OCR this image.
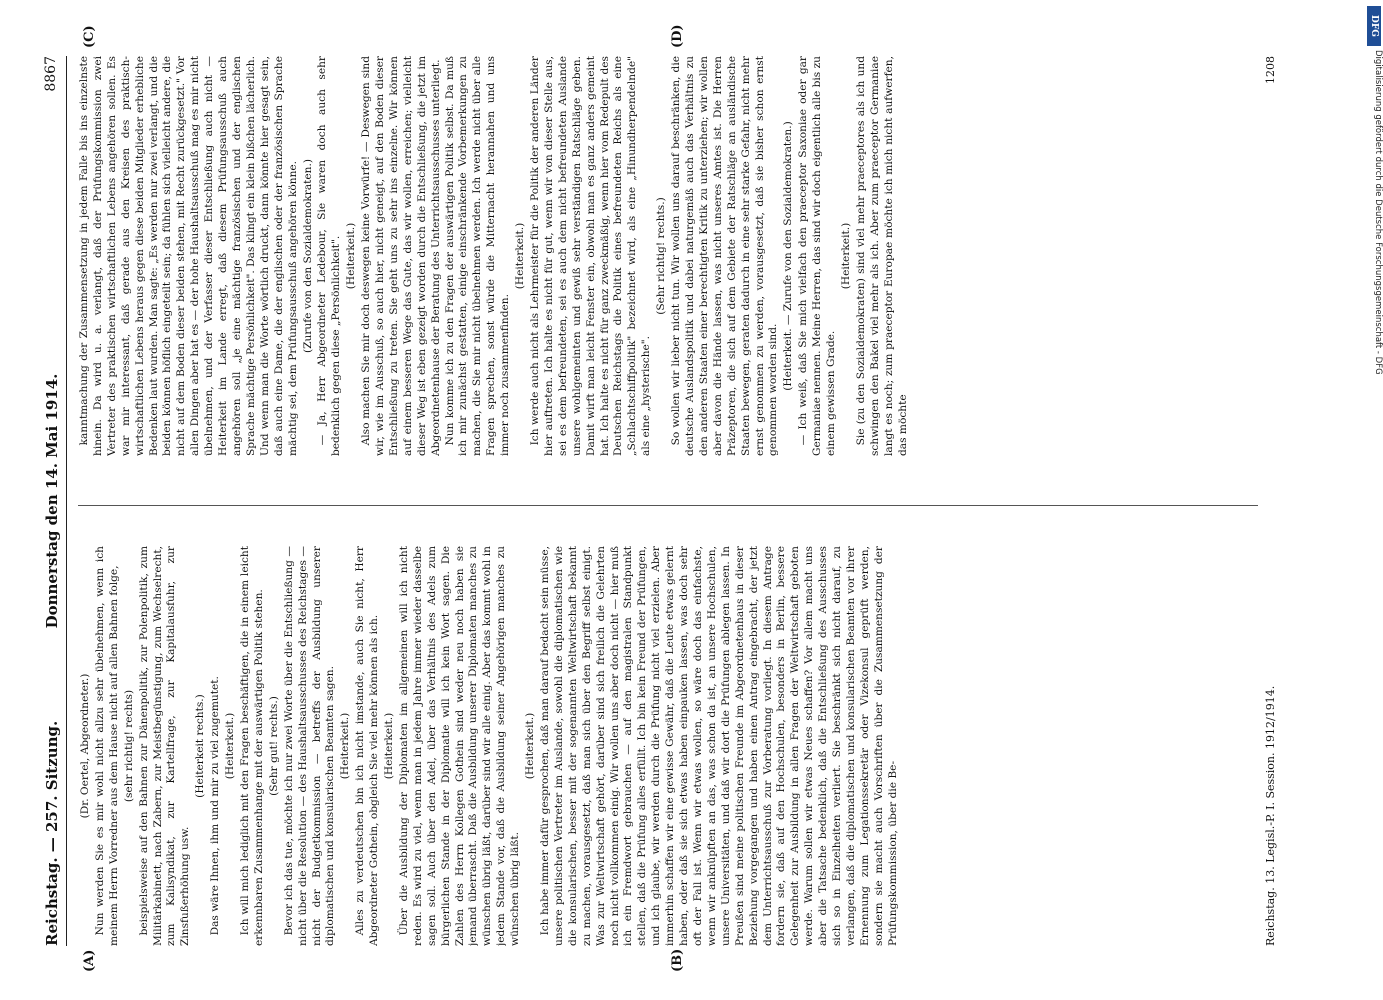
Reichstag. — 257. Sitzung.
Donnerstag den 14. Mai 1914.
8867
(A)	(B)
(C)	(D)

(Dr. Oertel, Abgeordneter.) Nun werden Sie es mir wohl nicht allzu sehr übelnehmen, wenn ich meinem Herrn Vorredner aus dem Hause nicht auf allen Bahnen folge, (sehr richtig! rechts) beispielsweise auf den Bahnen zur Dänenpolitik, zur Polenpolitik, zum Militärkabinett, nach Zabern, zur Meistbegünstigung, zum Wechselrecht, zum Kalisyndikat, zur Kartellfrage, zur Kapitalausfuhr, zur Zinsfußerhöhung usw.

(Heiterkeit rechts.) Das wäre Ihnen, ihm und mir zu viel zugemutet. (Heiterkeit.) Ich will mich lediglich mit den Fragen beschäftigen, die in einem leicht erkennbaren Zusammenhange mit der auswärtigen Politik stehen. (Sehr gut! rechts.) Bevor ich das tue, möchte ich nur zwei Worte über die Entschließung — nicht über die Resolution — des Haushaltsausschusses des Reichstages — nicht der Budgetkommission — betreffs der Ausbildung unserer diplomatischen und konsularischen Beamten sagen. (Heiterkeit.) Alles zu verdeutschen bin ich nicht imstande, auch Sie nicht, Herr Abgeordneter Gothein, obgleich Sie viel mehr können als ich. (Heiterkeit.) Über die Ausbildung der Diplomaten im allgemeinen will ich nicht reden. Es wird zu viel, wenn man in jedem Jahre immer wieder dasselbe sagen soll. Auch über den Adel, über das Verhältnis des Adels zum bürgerlichen Stande in der Diplomatie will ich kein Wort sagen. Die Zahlen des Herrn Kollegen Gothein sind weder neu noch haben sie jemand überrascht. Daß die Ausbildung unserer Diplomaten manches zu wünschen übrig läßt, darüber sind wir alle einig. Aber das kommt wohl in jedem Stande vor, daß die Ausbildung seiner Angehörigen manches zu wünschen übrig läßt.

(Heiterkeit.) Ich habe immer dafür gesprochen, daß man darauf bedacht sein müsse, unsere politischen Vertreter im Auslande, sowohl die diplomatischen wie die konsularischen, besser mit der sogenannten Weltwirtschaft bekannt zu machen, vorausgesetzt, daß man sich über den Begriff selbst einigt. Was zur Weltwirtschaft gehört, darüber sind sich freilich die Gelehrten noch nicht vollkommen einig. Wir wollen uns aber doch nicht — hier muß ich ein Fremdwort gebrauchen — auf den magistralen Standpunkt stellen, daß die Prüfung alles erfüllt. Ich bin kein Freund der Prüfungen, und ich glaube, wir werden durch die Prüfung nicht viel erzielen. Aber immerhin schaffen wir eine gewisse Gewähr, daß die Leute etwas gelernt haben, oder daß sie sich etwas haben einpauken lassen, was doch sehr oft der Fall ist. Wenn wir etwas wollen, so wäre doch das einfachste, wenn wir anknüpften an das, was schon da ist, an unsere Hochschulen, unsere Universitäten, und daß wir dort die Prüfungen ablegen lassen. In Preußen sind meine politischen Freunde im Abgeordnetenhaus in dieser Beziehung vorgegangen und haben einen Antrag eingebracht, der jetzt dem Unterrichtsausschuß zur Vorberatung vorliegt. In diesem Antrage fordern sie, daß auf den Hochschulen, besonders in Berlin, bessere Gelegenheit zur Ausbildung in allen Fragen der Weltwirtschaft geboten werde. Warum sollen wir etwas Neues schaffen? Vor allem macht uns aber die Tatsache bedenklich, daß die Entschließung des Ausschusses sich so in Einzelheiten verliert. Sie beschränkt sich nicht darauf, zu verlangen, daß die diplomatischen und konsularischen Beamten vor ihrer Ernennung zum Legationssekretär oder Vizekonsul geprüft werden, sondern sie macht auch Vorschriften über die Zusammensetzung der Prüfungskommission, über die Be-

kanntmachung der Zusammensetzung in jedem Falle bis ins einzelnste hinein. Da wird u. a. verlangt, daß der Prüfungskommission zwei Vertreter des praktischen wirtschaftlichen Lebens angehören sollen. Es war mir interessant, daß gerade aus den Kreisen des praktisch-wirtschaftlichen Lebens heraus gegen diese beiden Mitglieder erhebliche Bedenken laut wurden. Man sagte: „Es werden nur zwei verlangt, und die beiden können höflich eingeteilt sein; da fühlen sich vielleicht andere, die nicht auf dem Boden dieser beiden stehen, mit Recht zurückgesetzt." Vor allen Dingen aber hat es — der hohe Haushaltsausschuß mag es mir nicht übelnehmen, und der Verfasser dieser Entschließung auch nicht — Heiterkeit im Lande erregt, daß diesem Prüfungsausschuß auch angehören soll „je eine mächtige französischen und der englischen Sprache mächtige Persönlichkeit". Das klingt ein klein bißchen lächerlich. Und wenn man die Worte wörtlich druckt, dann könnte hier gesagt sein, daß auch eine Dame, die der englischen oder der französischen Sprache mächtig sei, dem Prüfungsausschuß angehören könne. (Zurufe von den Sozialdemokraten.) — Ja, Herr Abgeordneter Ledebour, Sie waren doch auch sehr bedenklich gegen diese „Persönlichkeit". (Heiterkeit.) Also machen Sie mir doch deswegen keine Vorwürfe! — Deswegen sind wir, wie im Ausschuß, so auch hier, nicht geneigt, auf den Boden dieser Entschließung zu treten. Sie geht uns zu sehr ins einzelne. Wir können auf einem besseren Wege das Gute, das wir wollen, erreichen; vielleicht dieser Weg ist eben gezeigt worden durch die Entschließung, die jetzt im Abgeordnetenhause der Beratung des Unterrichtsausschusses unterliegt. Nun komme ich zu den Fragen der auswärtigen Politik selbst. Da muß ich mir zunächst gestatten, einige einschränkende Vorbemerkungen zu machen, die Sie mir nicht übelnehmen werden. Ich werde nicht über alle Fragen sprechen, sonst würde die Mitternacht herannahen und uns immer noch zusammenfinden.

(Heiterkeit.) Ich werde auch nicht als Lehrmeister für die Politik der anderen Länder hier auftreten. Ich halte es nicht für gut, wenn wir von dieser Stelle aus, sei es dem befreundeten, sei es auch dem nicht befreundeten Auslande unsere wohlgemeinten und gewiß sehr verständigen Ratschläge geben. Damit wirft man leicht Fenster ein, obwohl man es ganz anders gemeint hat. Ich halte es nicht für ganz zweckmäßig, wenn hier vom Redepult des Deutschen Reichstags die Politik eines befreundeten Reichs als eine „Schlachtschiffpolitik" bezeichnet wird, als eine „Hinundherpendelnde" als eine „hysterische".

(Sehr richtig! rechts.) So wollen wir lieber nicht tun. Wir wollen uns darauf beschränken, die deutsche Auslandspolitik und dabei naturgemäß auch das Verhältnis zu den anderen Staaten einer berechtigten Kritik zu unterziehen; wir wollen aber davon die Hände lassen, was nicht unseres Amtes ist. Die Herren Präzeptoren, die sich auf dem Gebiete der Ratschläge an ausländische Staaten bewegen, geraten dadurch in eine sehr starke Gefahr, nicht mehr ernst genommen zu werden, vorausgesetzt, daß sie bisher schon ernst genommen worden sind. (Heiterkeit. — Zurufe von den Sozialdemokraten.) — Ich weiß, daß Sie mich vielfach den praeceptor Saxoniae oder gar Germaniae nennen. Meine Herren, das sind wir doch eigentlich alle bis zu einem gewissen Grade.

(Heiterkeit.) Sie (zu den Sozialdemokraten) sind viel mehr praeceptores als ich und schwingen den Bakel viel mehr als ich. Aber zum praeceptor Germaniae langt es noch; zum praeceptor Europae möchte ich mich nicht aufwerfen, das möchte

Reichstag. 13. Legisl.-P. I. Session. 1912/1914.
1208
DFG
Digitalisierung gefördert durch die Deutsche Forschungsgemeinschaft - DFG
